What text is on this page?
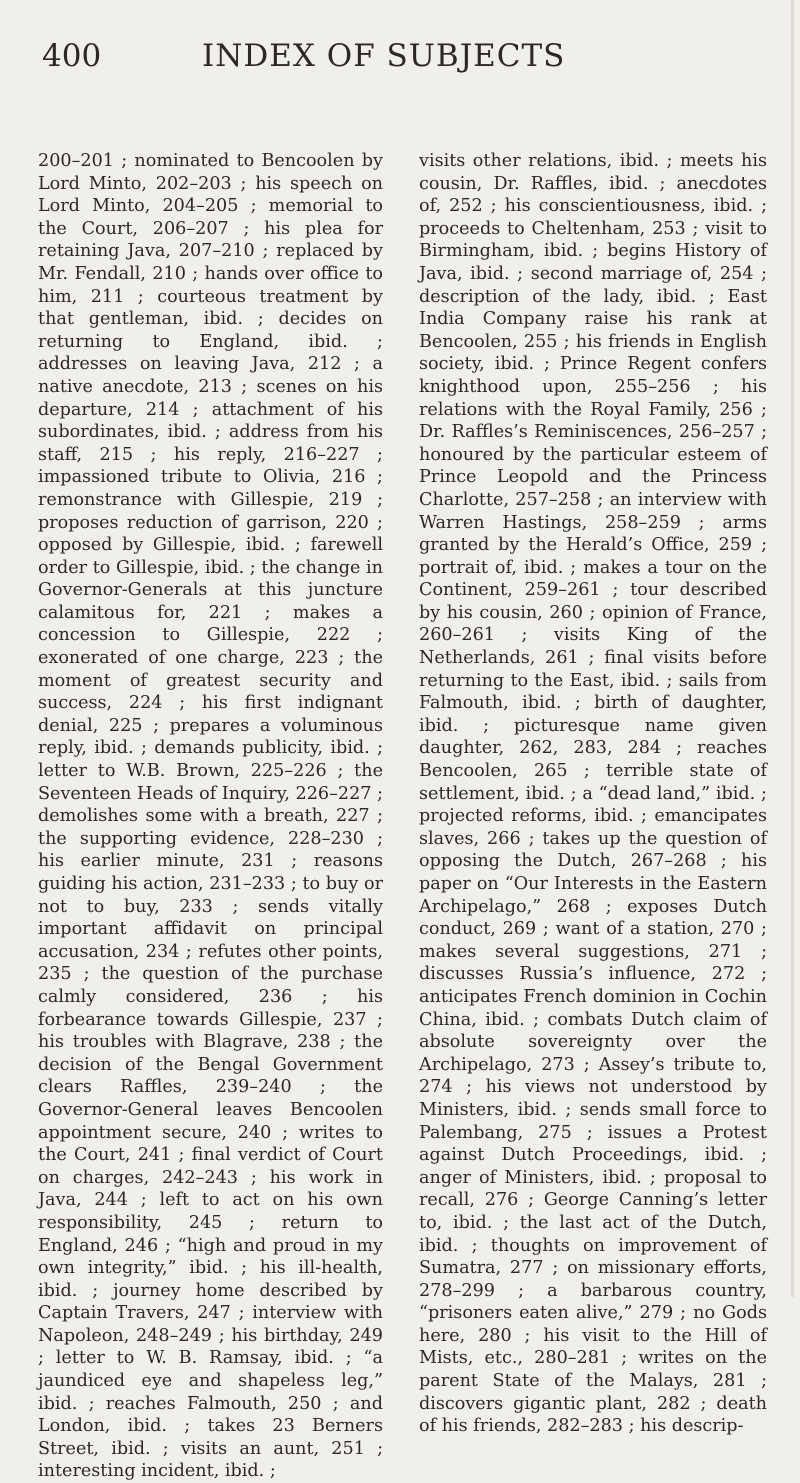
400	INDEX OF SUBJECTS

200–201 ; nominated to Bencoolen by Lord Minto, 202–203 ; his speech on Lord Minto, 204–205 ; memorial to the Court, 206–207 ; his plea for retaining Java, 207–210 ; replaced by Mr. Fendall, 210 ; hands over office to him, 211 ; courteous treatment by that gentleman, ibid. ; decides on returning to England, ibid. ; addresses on leaving Java, 212 ; a native anecdote, 213 ; scenes on his departure, 214 ; attachment of his subordinates, ibid. ; address from his staff, 215 ; his reply, 216–227 ; impassioned tribute to Olivia, 216 ; remonstrance with Gillespie, 219 ; proposes reduction of garrison, 220 ; opposed by Gillespie, ibid. ; farewell order to Gillespie, ibid. ; the change in Governor-Generals at this juncture calamitous for, 221 ; makes a concession to Gillespie, 222 ; exonerated of one charge, 223 ; the moment of greatest security and success, 224 ; his first indignant denial, 225 ; prepares a voluminous reply, ibid. ; demands publicity, ibid. ; letter to W.B. Brown, 225–226 ; the Seventeen Heads of Inquiry, 226–227 ; demolishes some with a breath, 227 ; the supporting evidence, 228–230 ; his earlier minute, 231 ; reasons guiding his action, 231–233 ; to buy or not to buy, 233 ; sends vitally important affidavit on principal accusation, 234 ; refutes other points, 235 ; the question of the purchase calmly considered, 236 ; his forbearance towards Gillespie, 237 ; his troubles with Blagrave, 238 ; the decision of the Bengal Government clears Raffles, 239–240 ; the Governor-General leaves Bencoolen appointment secure, 240 ; writes to the Court, 241 ; final verdict of Court on charges, 242–243 ; his work in Java, 244 ; left to act on his own responsibility, 245 ; return to England, 246 ; “high and proud in my own integrity,” ibid. ; his ill-health, ibid. ; journey home described by Captain Travers, 247 ; interview with Napoleon, 248–249 ; his birthday, 249 ; letter to W. B. Ramsay, ibid. ; “a jaundiced eye and shapeless leg,” ibid. ; reaches Falmouth, 250 ; and London, ibid. ; takes 23 Berners Street, ibid. ; visits an aunt, 251 ; interesting incident, ibid. ;

visits other relations, ibid. ; meets his cousin, Dr. Raffles, ibid. ; anecdotes of, 252 ; his conscientiousness, ibid. ; proceeds to Cheltenham, 253 ; visit to Birmingham, ibid. ; begins History of Java, ibid. ; second marriage of, 254 ; description of the lady, ibid. ; East India Company raise his rank at Bencoolen, 255 ; his friends in English society, ibid. ; Prince Regent confers knighthood upon, 255–256 ; his relations with the Royal Family, 256 ; Dr. Raffles’s Reminiscences, 256–257 ; honoured by the particular esteem of Prince Leopold and the Princess Charlotte, 257–258 ; an interview with Warren Hastings, 258–259 ; arms granted by the Herald’s Office, 259 ; portrait of, ibid. ; makes a tour on the Continent, 259–261 ; tour described by his cousin, 260 ; opinion of France, 260–261 ; visits King of the Netherlands, 261 ; final visits before returning to the East, ibid. ; sails from Falmouth, ibid. ; birth of daughter, ibid. ; picturesque name given daughter, 262, 283, 284 ; reaches Bencoolen, 265 ; terrible state of settlement, ibid. ; a “dead land,” ibid. ; projected reforms, ibid. ; emancipates slaves, 266 ; takes up the question of opposing the Dutch, 267–268 ; his paper on “Our Interests in the Eastern Archipelago,” 268 ; exposes Dutch conduct, 269 ; want of a station, 270 ; makes several suggestions, 271 ; discusses Russia’s influence, 272 ; anticipates French dominion in Cochin China, ibid. ; combats Dutch claim of absolute sovereignty over the Archipelago, 273 ; Assey’s tribute to, 274 ; his views not understood by Ministers, ibid. ; sends small force to Palembang, 275 ; issues a Protest against Dutch Proceedings, ibid. ; anger of Ministers, ibid. ; proposal to recall, 276 ; George Canning’s letter to, ibid. ; the last act of the Dutch, ibid. ; thoughts on improvement of Sumatra, 277 ; on missionary efforts, 278–299 ; a barbarous country, “prisoners eaten alive,” 279 ; no Gods here, 280 ; his visit to the Hill of Mists, etc., 280–281 ; writes on the parent State of the Malays, 281 ; discovers gigantic plant, 282 ; death of his friends, 282–283 ; his descrip-
